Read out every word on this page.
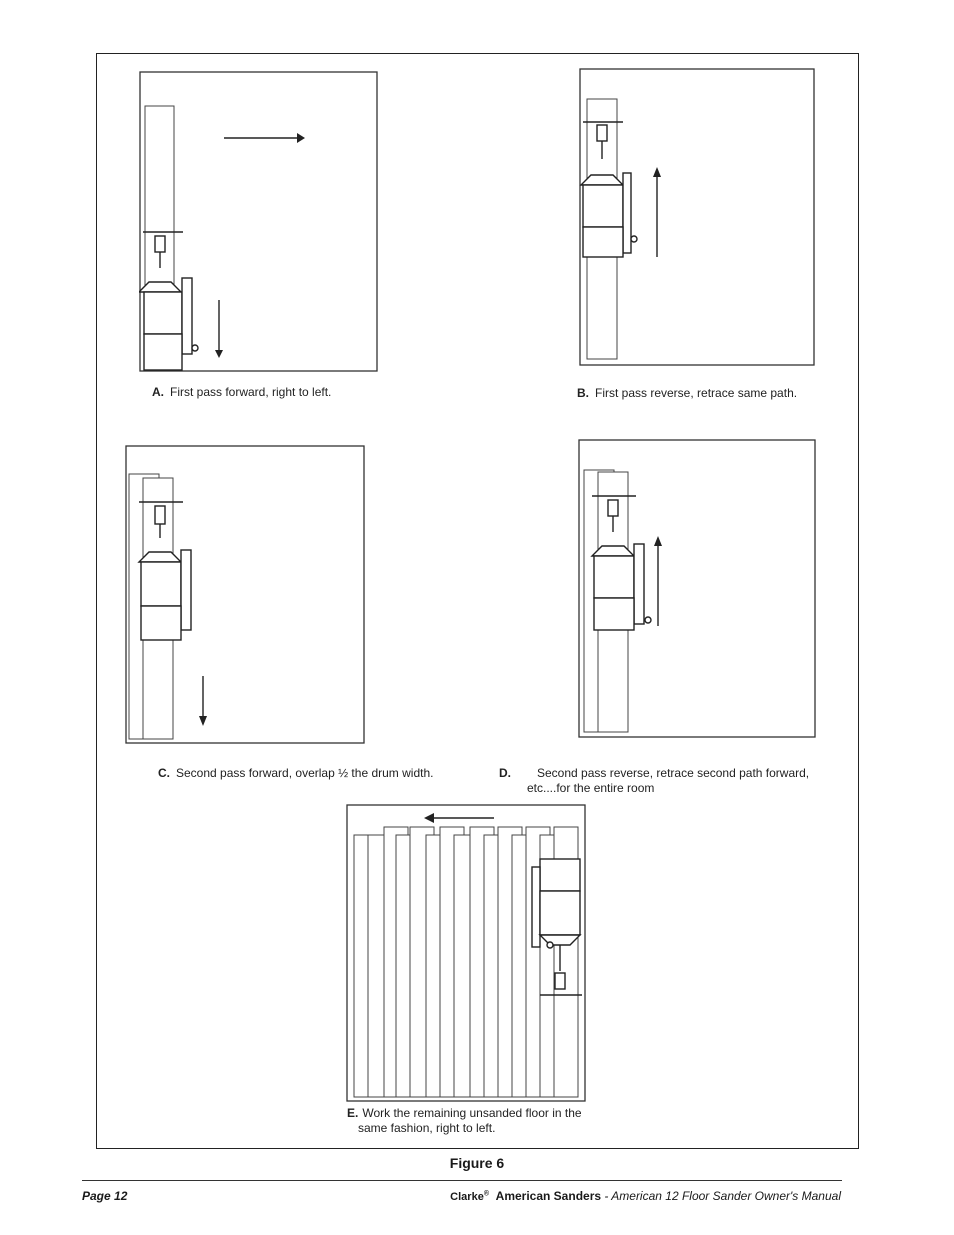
A. First pass forward, right to left.	B. First pass reverse, retrace same path.
C. Second pass forward, overlap ½ the drum width.	D. Second pass reverse, retrace second path forward,
etc....for the entire room
E. Work the remaining unsanded floor in the
same fashion, right to left.
Figure 6
Page 12	Clarke® American Sanders - American 12 Floor Sander Owner's Manual
